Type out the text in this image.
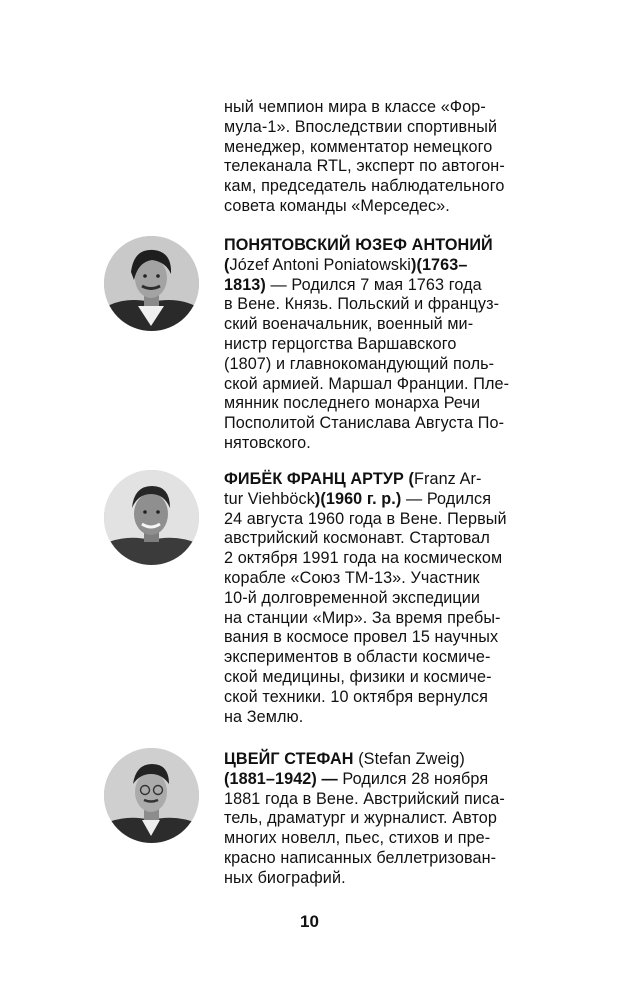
ный чемпион мира в классе «Фор-
мула-1». Впоследствии спортивный
менеджер, комментатор немецкого
телеканала RTL, эксперт по автогон-
кам, председатель наблюдательного
совета команды «Мерседес».
ПОНЯТОВСКИЙ ЮЗЕФ АНТОНИЙ
(Józef Antoni Poniatowski)(1763–
1813) — Родился 7 мая 1763 года
в Вене. Князь. Польский и француз-
ский военачальник, военный ми-
нистр герцогства Варшавского
(1807) и главнокомандующий поль-
ской армией. Маршал Франции. Пле-
мянник последнего монарха Речи
Посполитой Станислава Августа По-
нятовского.
ФИБЁК ФРАНЦ АРТУР (Franz Ar-
tur Viehböck)(1960 г. р.) — Родился
24 августа 1960 года в Вене. Первый
австрийский космонавт. Стартовал
2 октября 1991 года на космическом
корабле «Союз ТМ-13». Участник
10-й долговременной экспедиции
на станции «Мир». За время пребы-
вания в космосе провел 15 научных
экспериментов в области космиче-
ской медицины, физики и космиче-
ской техники. 10 октября вернулся
на Землю.
ЦВЕЙГ СТЕФАН (Stefan Zweig)
(1881–1942) — Родился 28 ноября
1881 года в Вене. Австрийский писа-
тель, драматург и журналист. Автор
многих новелл, пьес, стихов и пре-
красно написанных беллетризован-
ных биографий.
10
